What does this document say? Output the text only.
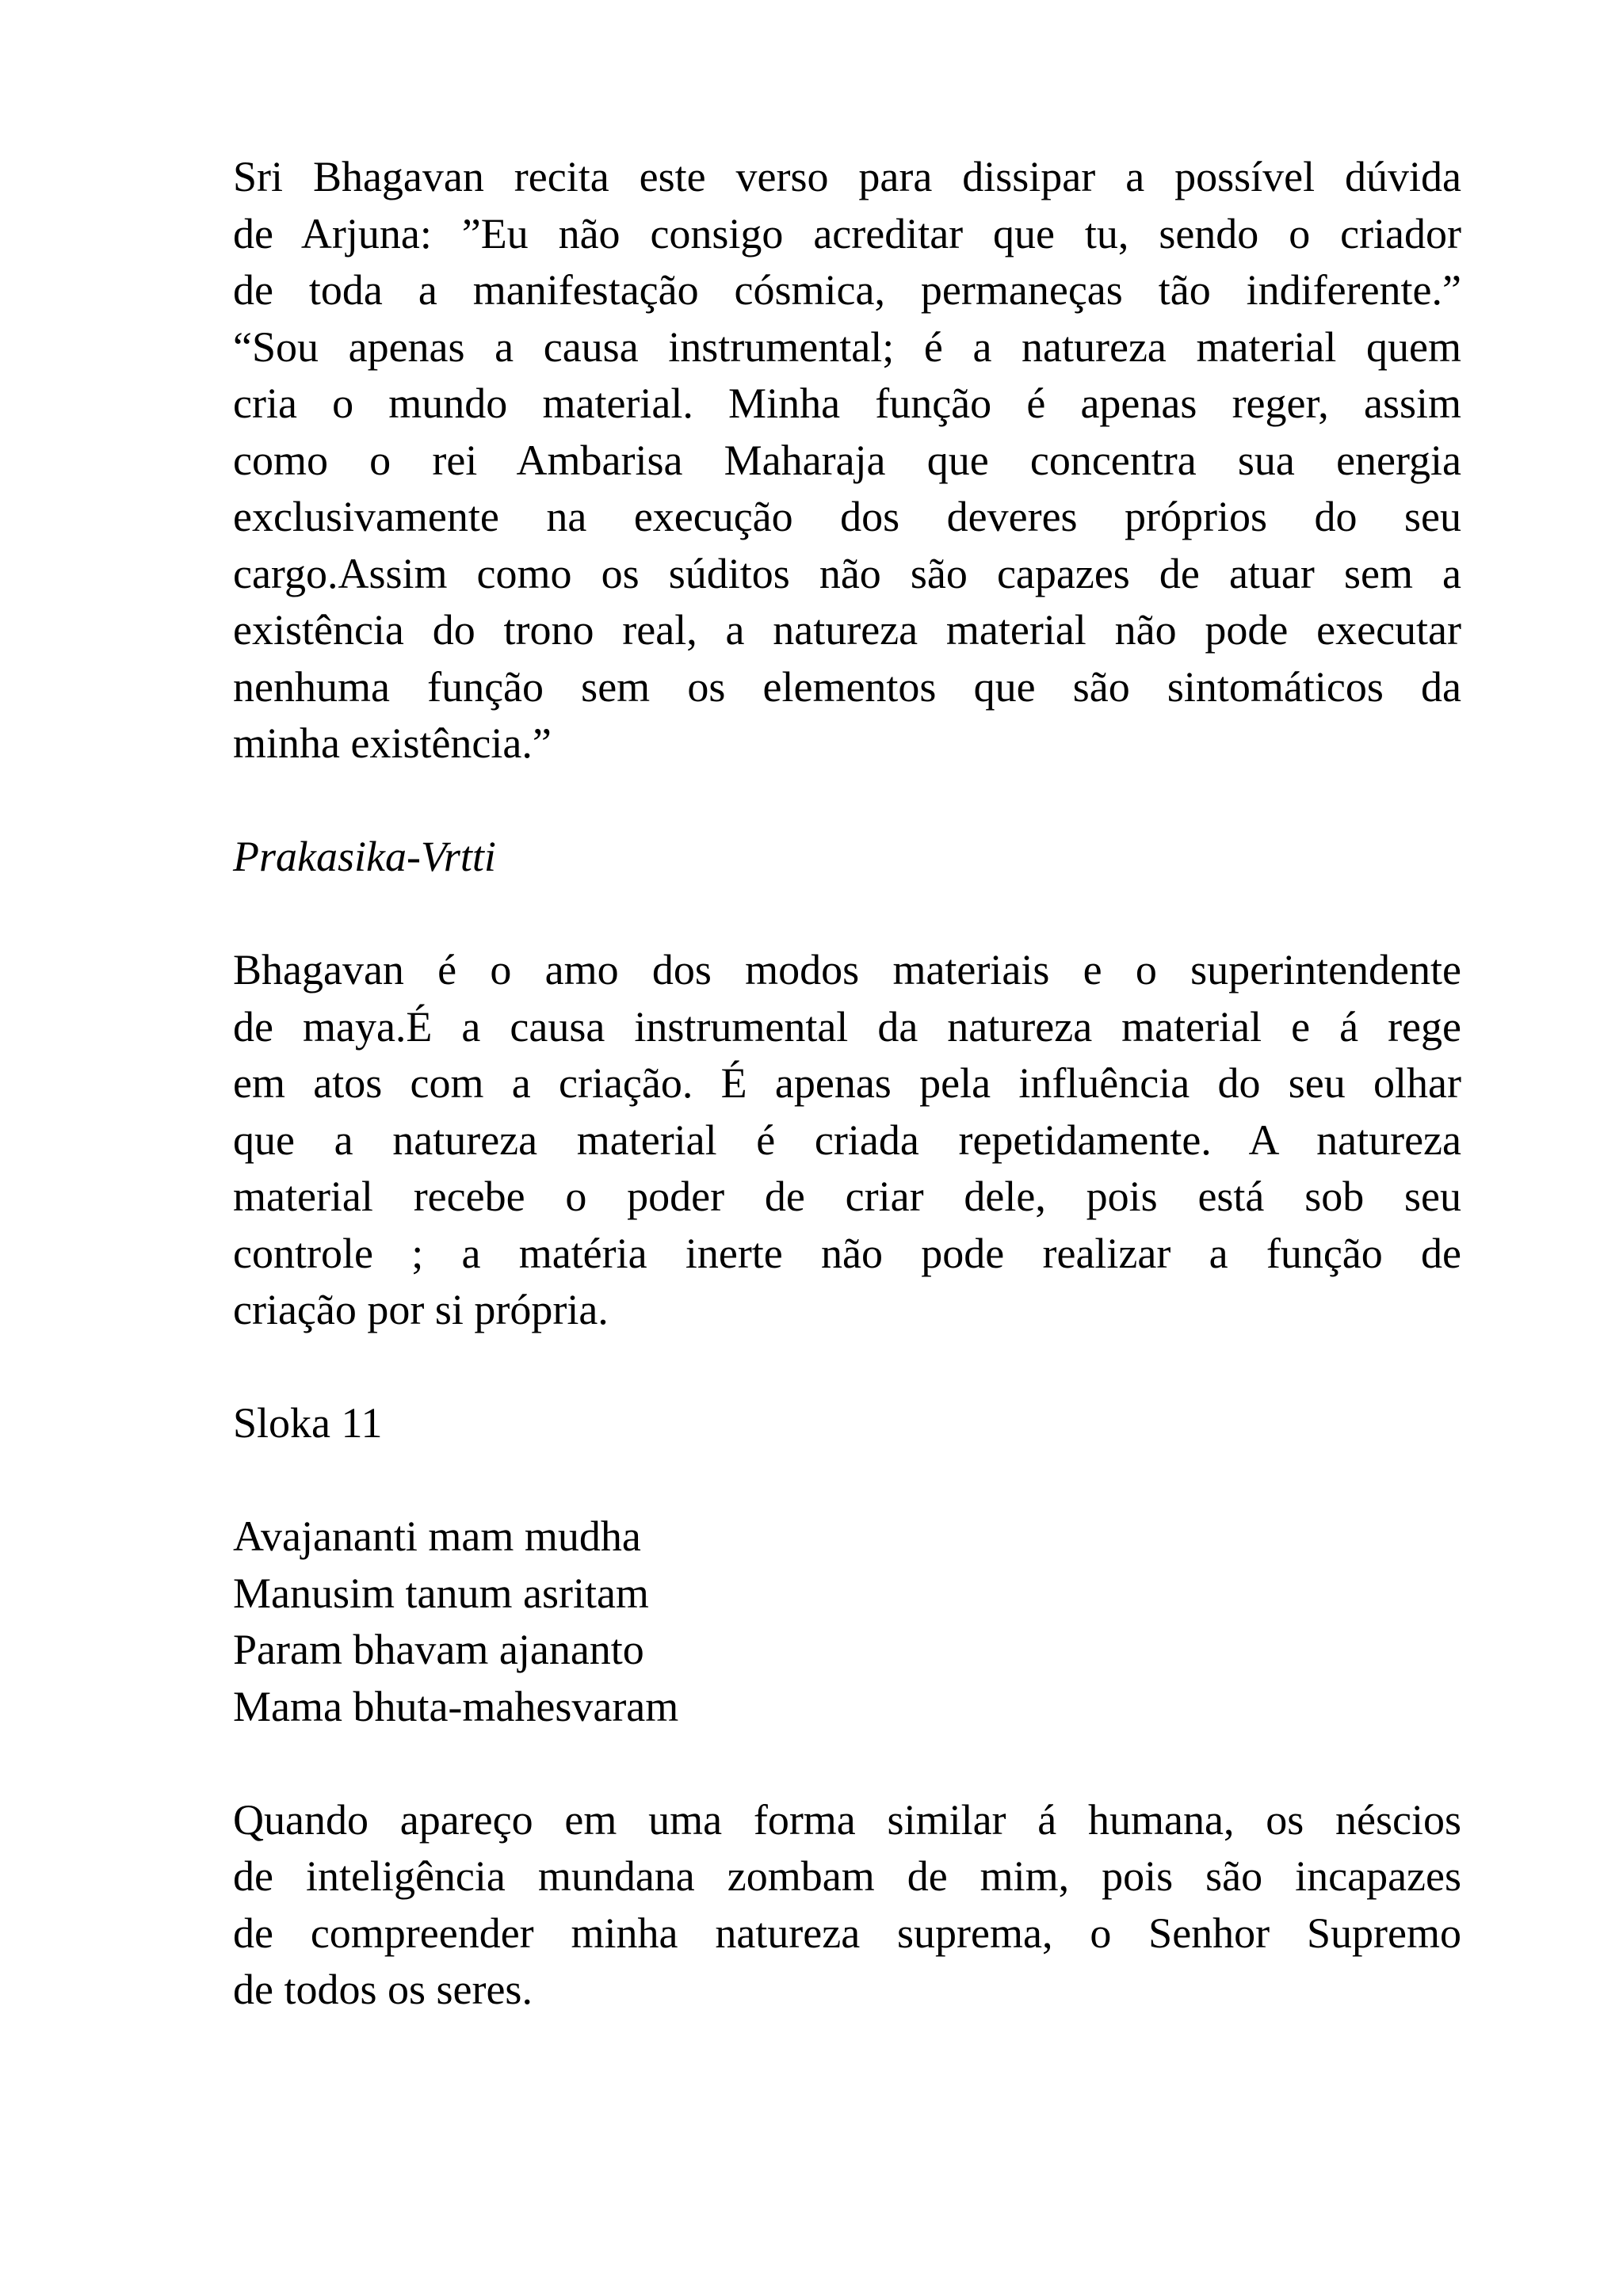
Sri Bhagavan recita este verso para dissipar a possível dúvida
de Arjuna: ”Eu não consigo acreditar que tu, sendo o criador
de toda a manifestação cósmica, permaneças tão indiferente.”
“Sou apenas a causa instrumental; é a natureza material quem
cria o mundo material. Minha função é apenas reger, assim
como o rei Ambarisa Maharaja que concentra sua energia
exclusivamente na execução dos deveres próprios do seu
cargo.Assim como os súditos não são capazes de atuar sem a
existência do trono real, a natureza material não pode executar
nenhuma função sem os elementos que são sintomáticos da
minha existência.”

Prakasika-Vrtti

Bhagavan é o amo dos modos materiais e o superintendente
de maya.É a causa instrumental da natureza material e á rege
em atos com a criação. É apenas pela influência do seu olhar
que a natureza material é criada repetidamente. A natureza
material recebe o poder de criar dele, pois está sob seu
controle ; a matéria inerte não pode realizar a função de
criação por si própria.

Sloka 11
Avajananti mam mudha
Manusim tanum asritam
Param bhavam ajananto
Mama bhuta-mahesvaram

Quando apareço em uma forma similar á humana, os néscios
de inteligência mundana zombam de mim, pois são incapazes
de compreender minha natureza suprema, o Senhor Supremo
de todos os seres.
